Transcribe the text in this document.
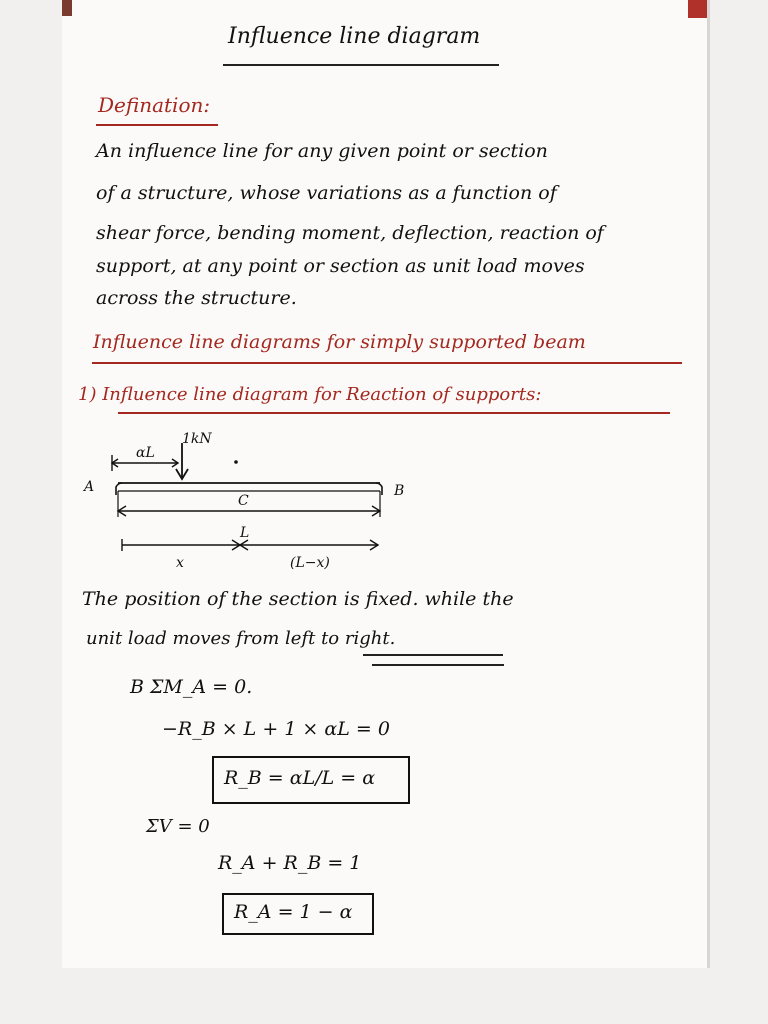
Influence line diagram
Defination:
An influence line for any given point or section
of a structure, whose variations as a function of
shear force, bending moment, deflection, reaction of
support, at any point or section as unit load moves
across the structure.
Influence line diagrams for simply supported beam
1) Influence line diagram for Reaction of supports:
1kN
αL
A	B
C
L
x	(L−x)
The position of the section is fixed. while the
unit load moves from left to right.
B ΣM_A = 0.
−R_B × L + 1 × αL = 0
R_B = αL/L = α
ΣV = 0
R_A + R_B = 1
R_A = 1 − α
